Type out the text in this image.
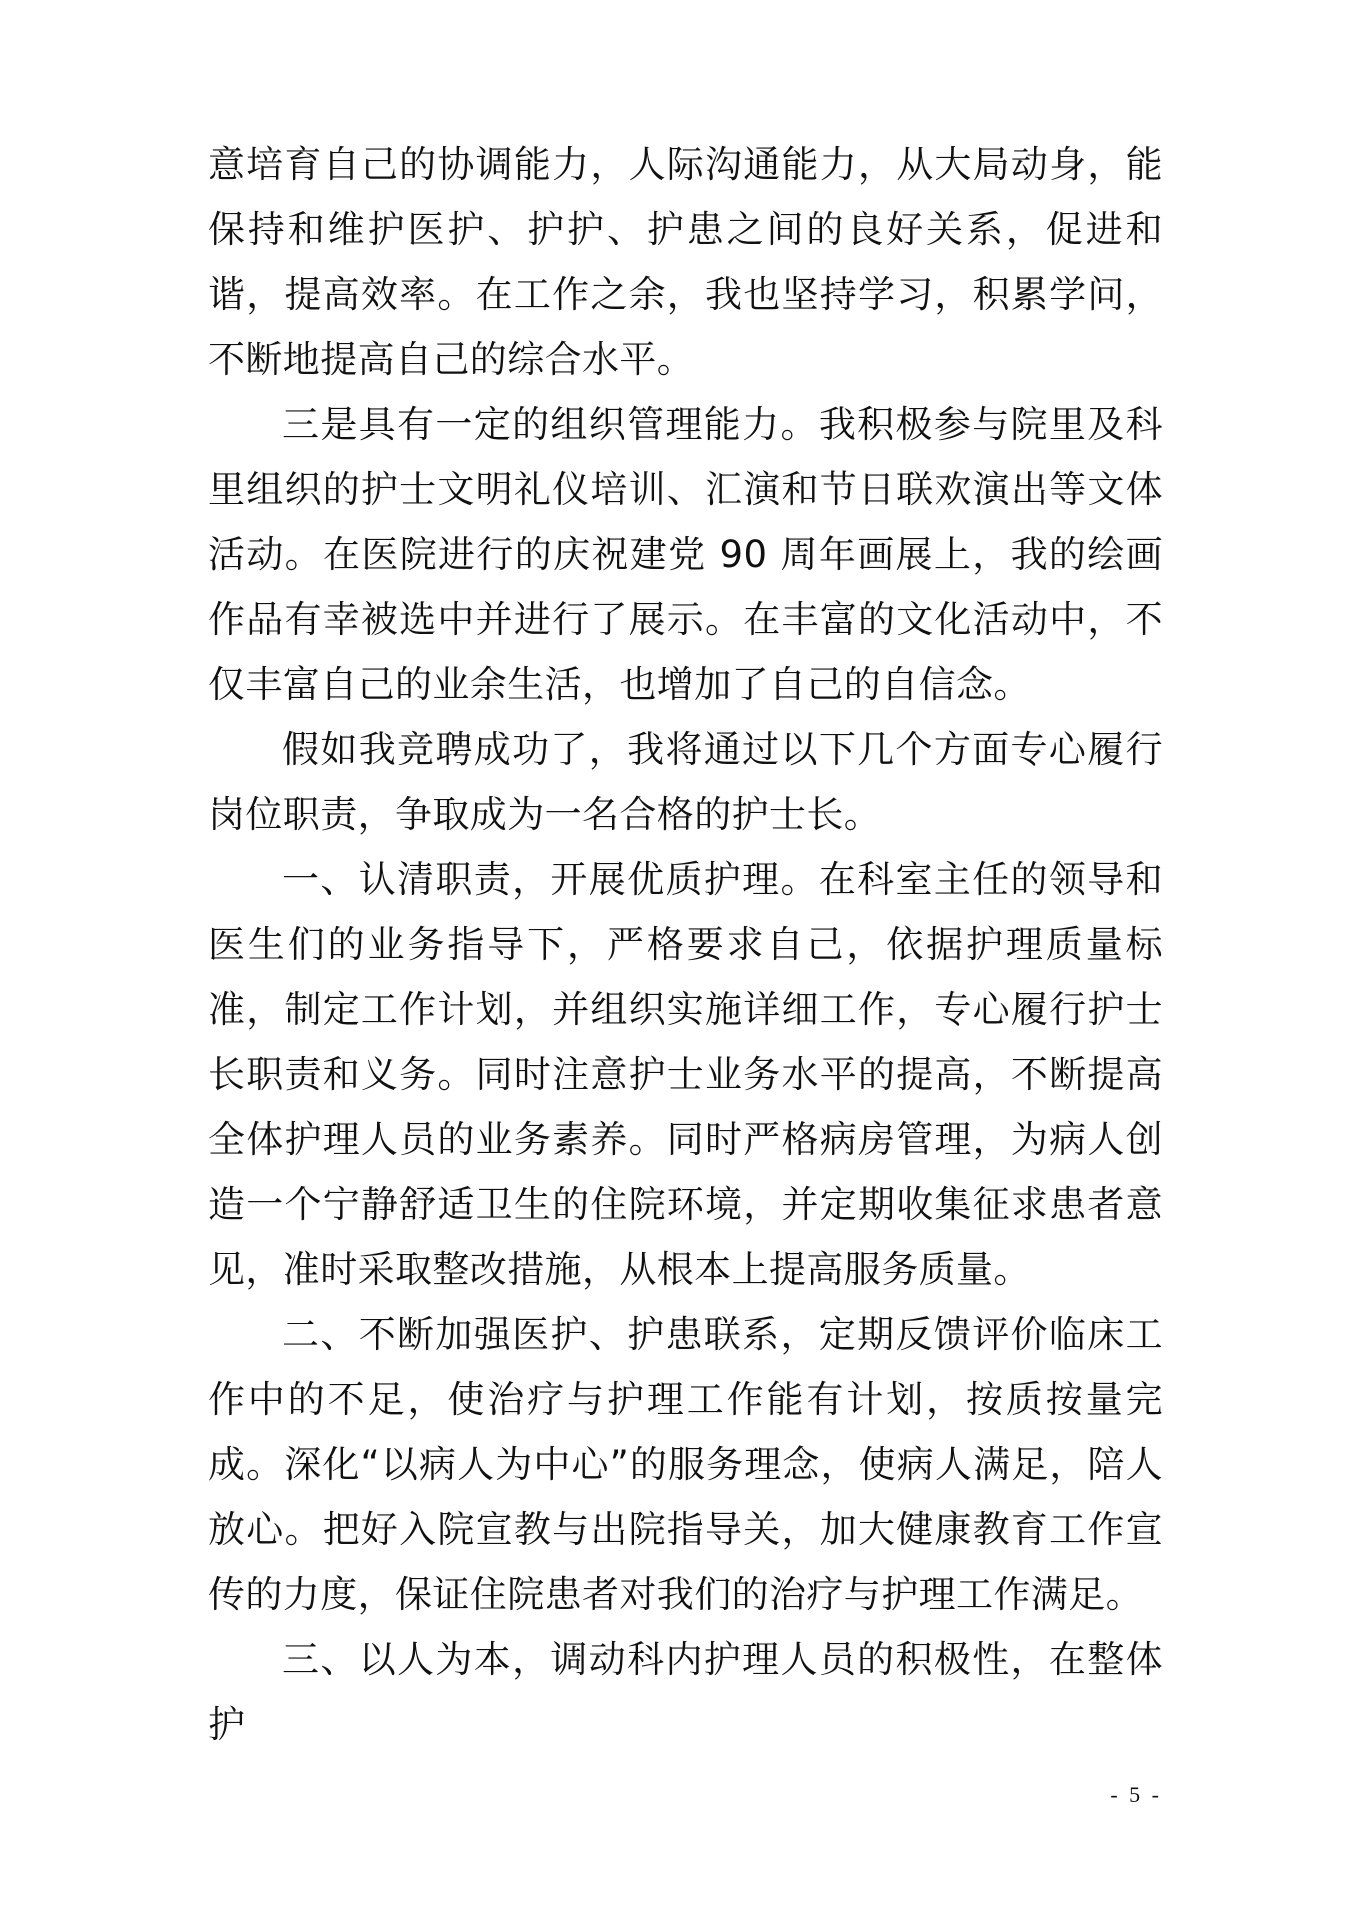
意培育自己的协调能力，人际沟通能力，从大局动身，能保持和维护医护、护护、护患之间的良好关系，促进和谐，提高效率。在工作之余，我也坚持学习，积累学问，不断地提高自己的综合水平。

三是具有一定的组织管理能力。我积极参与院里及科里组织的护士文明礼仪培训、汇演和节日联欢演出等文体活动。在医院进行的庆祝建党 90 周年画展上，我的绘画作品有幸被选中并进行了展示。在丰富的文化活动中，不仅丰富自己的业余生活，也增加了自己的自信念。

假如我竞聘成功了，我将通过以下几个方面专心履行岗位职责，争取成为一名合格的护士长。

一、认清职责，开展优质护理。在科室主任的领导和医生们的业务指导下，严格要求自己，依据护理质量标准，制定工作计划，并组织实施详细工作，专心履行护士长职责和义务。同时注意护士业务水平的提高，不断提高全体护理人员的业务素养。同时严格病房管理，为病人创造一个宁静舒适卫生的住院环境，并定期收集征求患者意见，准时采取整改措施，从根本上提高服务质量。

二、不断加强医护、护患联系，定期反馈评价临床工作中的不足，使治疗与护理工作能有计划，按质按量完成。深化“以病人为中心”的服务理念，使病人满足，陪人放心。把好入院宣教与出院指导关，加大健康教育工作宣传的力度，保证住院患者对我们的治疗与护理工作满足。

三、以人为本，调动科内护理人员的积极性，在整体护

- 5 -
